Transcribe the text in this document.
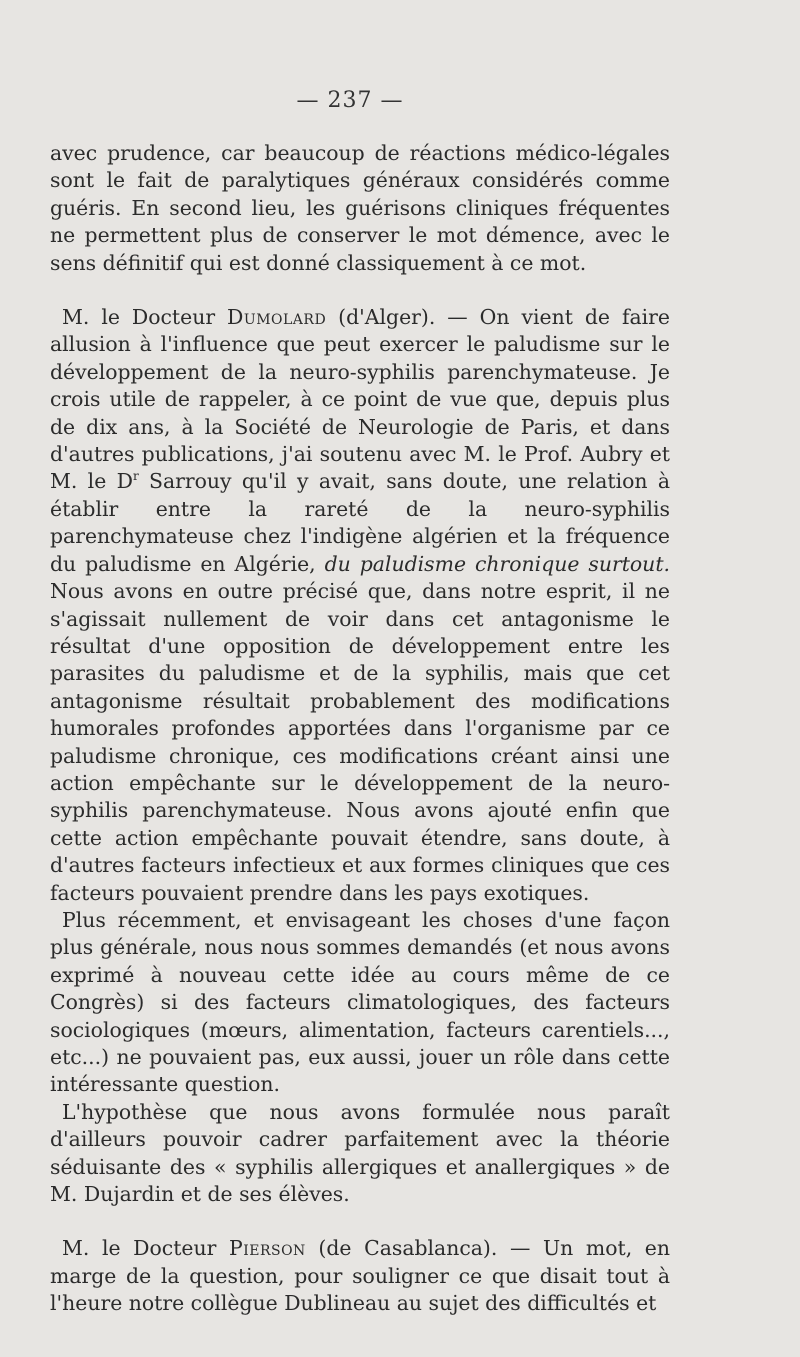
— 237 —

avec prudence, car beaucoup de réactions médico-légales sont le fait de paralytiques généraux considérés comme guéris. En second lieu, les guérisons cliniques fréquentes ne permettent plus de conserver le mot démence, avec le sens définitif qui est donné classiquement à ce mot.

M. le Docteur Dumolard (d'Alger). — On vient de faire allusion à l'influence que peut exercer le paludisme sur le développement de la neuro-syphilis parenchymateuse. Je crois utile de rappeler, à ce point de vue que, depuis plus de dix ans, à la Société de Neurologie de Paris, et dans d'autres publications, j'ai soutenu avec M. le Prof. Aubry et M. le $D^r$ Sarrouy qu'il y avait, sans doute, une relation à établir entre la rareté de la neuro-syphilis parenchymateuse chez l'indigène algérien et la fréquence du paludisme en Algérie, du paludisme chronique surtout. Nous avons en outre précisé que, dans notre esprit, il ne s'agissait nullement de voir dans cet antagonisme le résultat d'une opposition de développement entre les parasites du paludisme et de la syphilis, mais que cet antagonisme résultait probablement des modifications humorales profondes apportées dans l'organisme par ce paludisme chronique, ces modifications créant ainsi une action empêchante sur le développement de la neuro-syphilis parenchymateuse. Nous avons ajouté enfin que cette action empêchante pouvait étendre, sans doute, à d'autres facteurs infectieux et aux formes cliniques que ces facteurs pouvaient prendre dans les pays exotiques.

Plus récemment, et envisageant les choses d'une façon plus générale, nous nous sommes demandés (et nous avons exprimé à nouveau cette idée au cours même de ce Congrès) si des facteurs climatologiques, des facteurs sociologiques (mœurs, alimentation, facteurs carentiels..., etc...) ne pouvaient pas, eux aussi, jouer un rôle dans cette intéressante question.

L'hypothèse que nous avons formulée nous paraît d'ailleurs pouvoir cadrer parfaitement avec la théorie séduisante des « syphilis allergiques et anallergiques » de M. Dujardin et de ses élèves.

M. le Docteur Pierson (de Casablanca). — Un mot, en marge de la question, pour souligner ce que disait tout à l'heure notre collègue Dublineau au sujet des difficultés et
